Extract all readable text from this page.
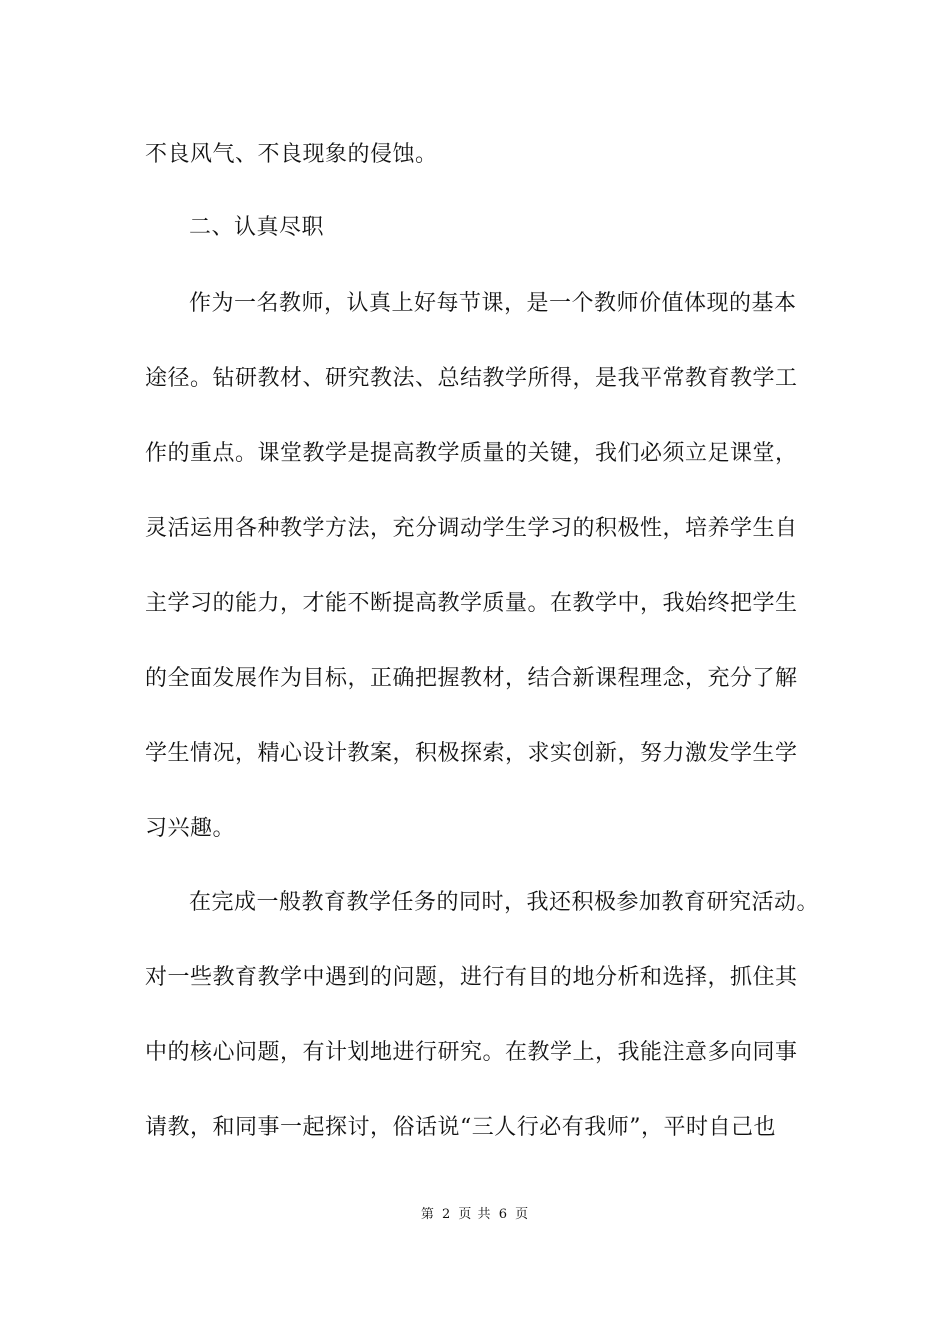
不良风气、不良现象的侵蚀。
二、认真尽职
作为一名教师，认真上好每节课，是一个教师价值体现的基本
途径。钻研教材、研究教法、总结教学所得，是我平常教育教学工
作的重点。课堂教学是提高教学质量的关键，我们必须立足课堂，
灵活运用各种教学方法，充分调动学生学习的积极性，培养学生自
主学习的能力，才能不断提高教学质量。在教学中，我始终把学生
的全面发展作为目标，正确把握教材，结合新课程理念，充分了解
学生情况，精心设计教案，积极探索，求实创新，努力激发学生学
习兴趣。
在完成一般教育教学任务的同时，我还积极参加教育研究活动。
对一些教育教学中遇到的问题，进行有目的地分析和选择，抓住其
中的核心问题，有计划地进行研究。在教学上，我能注意多向同事
请教，和同事一起探讨，俗话说“三人行必有我师”，平时自己也
第 2 页 共 6 页
